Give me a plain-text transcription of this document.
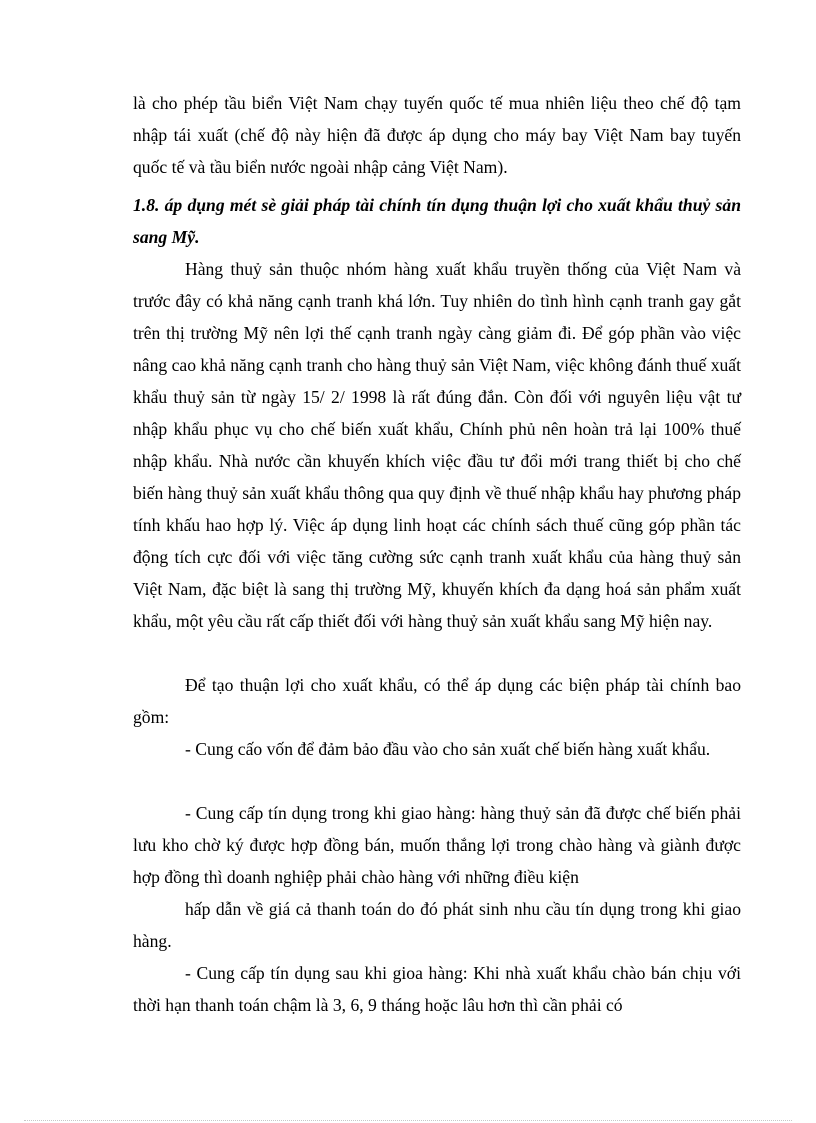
là cho phép tầu biển Việt Nam chạy tuyến quốc tế mua nhiên liệu theo chế độ tạm nhập tái xuất (chế độ này hiện đã được áp dụng cho máy bay Việt Nam bay tuyến quốc tế và tầu biển nước ngoài nhập cảng Việt Nam).

1.8. áp dụng mét sè giải pháp tài chính tín dụng thuận lợi cho xuất khẩu thuỷ sản sang Mỹ.

Hàng thuỷ sản thuộc nhóm hàng xuất khẩu truyền thống của Việt Nam và trước đây có khả năng cạnh tranh khá lớn. Tuy nhiên do tình hình cạnh tranh gay gắt trên thị trường Mỹ nên lợi thế cạnh tranh ngày càng giảm đi. Để góp phần vào việc nâng cao khả năng cạnh tranh cho hàng thuỷ sản Việt Nam, việc không đánh thuế xuất khẩu thuỷ sản từ ngày 15/ 2/ 1998 là rất đúng đắn. Còn đối với nguyên liệu vật tư nhập khẩu phục vụ cho chế biến xuất khẩu, Chính phủ nên hoàn trả lại 100% thuế nhập khẩu. Nhà nước cần khuyến khích việc đầu tư đổi mới trang thiết bị cho chế biến hàng thuỷ sản xuất khẩu thông qua quy định về thuế nhập khẩu hay phương pháp tính khấu hao hợp lý. Việc áp dụng linh hoạt các chính sách thuế cũng góp phần tác động tích cực đối với việc tăng cường sức cạnh tranh xuất khẩu của hàng thuỷ sản Việt Nam, đặc biệt là sang thị trường Mỹ, khuyến khích đa dạng hoá sản phẩm xuất khẩu, một yêu cầu rất cấp thiết đối với hàng thuỷ sản xuất khẩu sang Mỹ hiện nay.

Để tạo thuận lợi cho xuất khẩu, có thể áp dụng các biện pháp tài chính bao gồm:

- Cung cấo vốn để đảm bảo đầu vào cho sản xuất chế biến hàng xuất khẩu.

- Cung cấp tín dụng trong khi giao hàng: hàng thuỷ sản đã được chế biến phải lưu kho chờ ký được hợp đồng bán, muốn thắng lợi trong chào hàng và giành được hợp đồng thì doanh nghiệp phải chào hàng với những điều kiện

hấp dẫn về giá cả thanh toán do đó phát sinh nhu cầu tín dụng trong khi giao hàng.

- Cung cấp tín dụng sau khi gioa hàng: Khi nhà xuất khẩu chào bán chịu với thời hạn thanh toán chậm là 3, 6, 9 tháng hoặc lâu hơn thì cần phải có
